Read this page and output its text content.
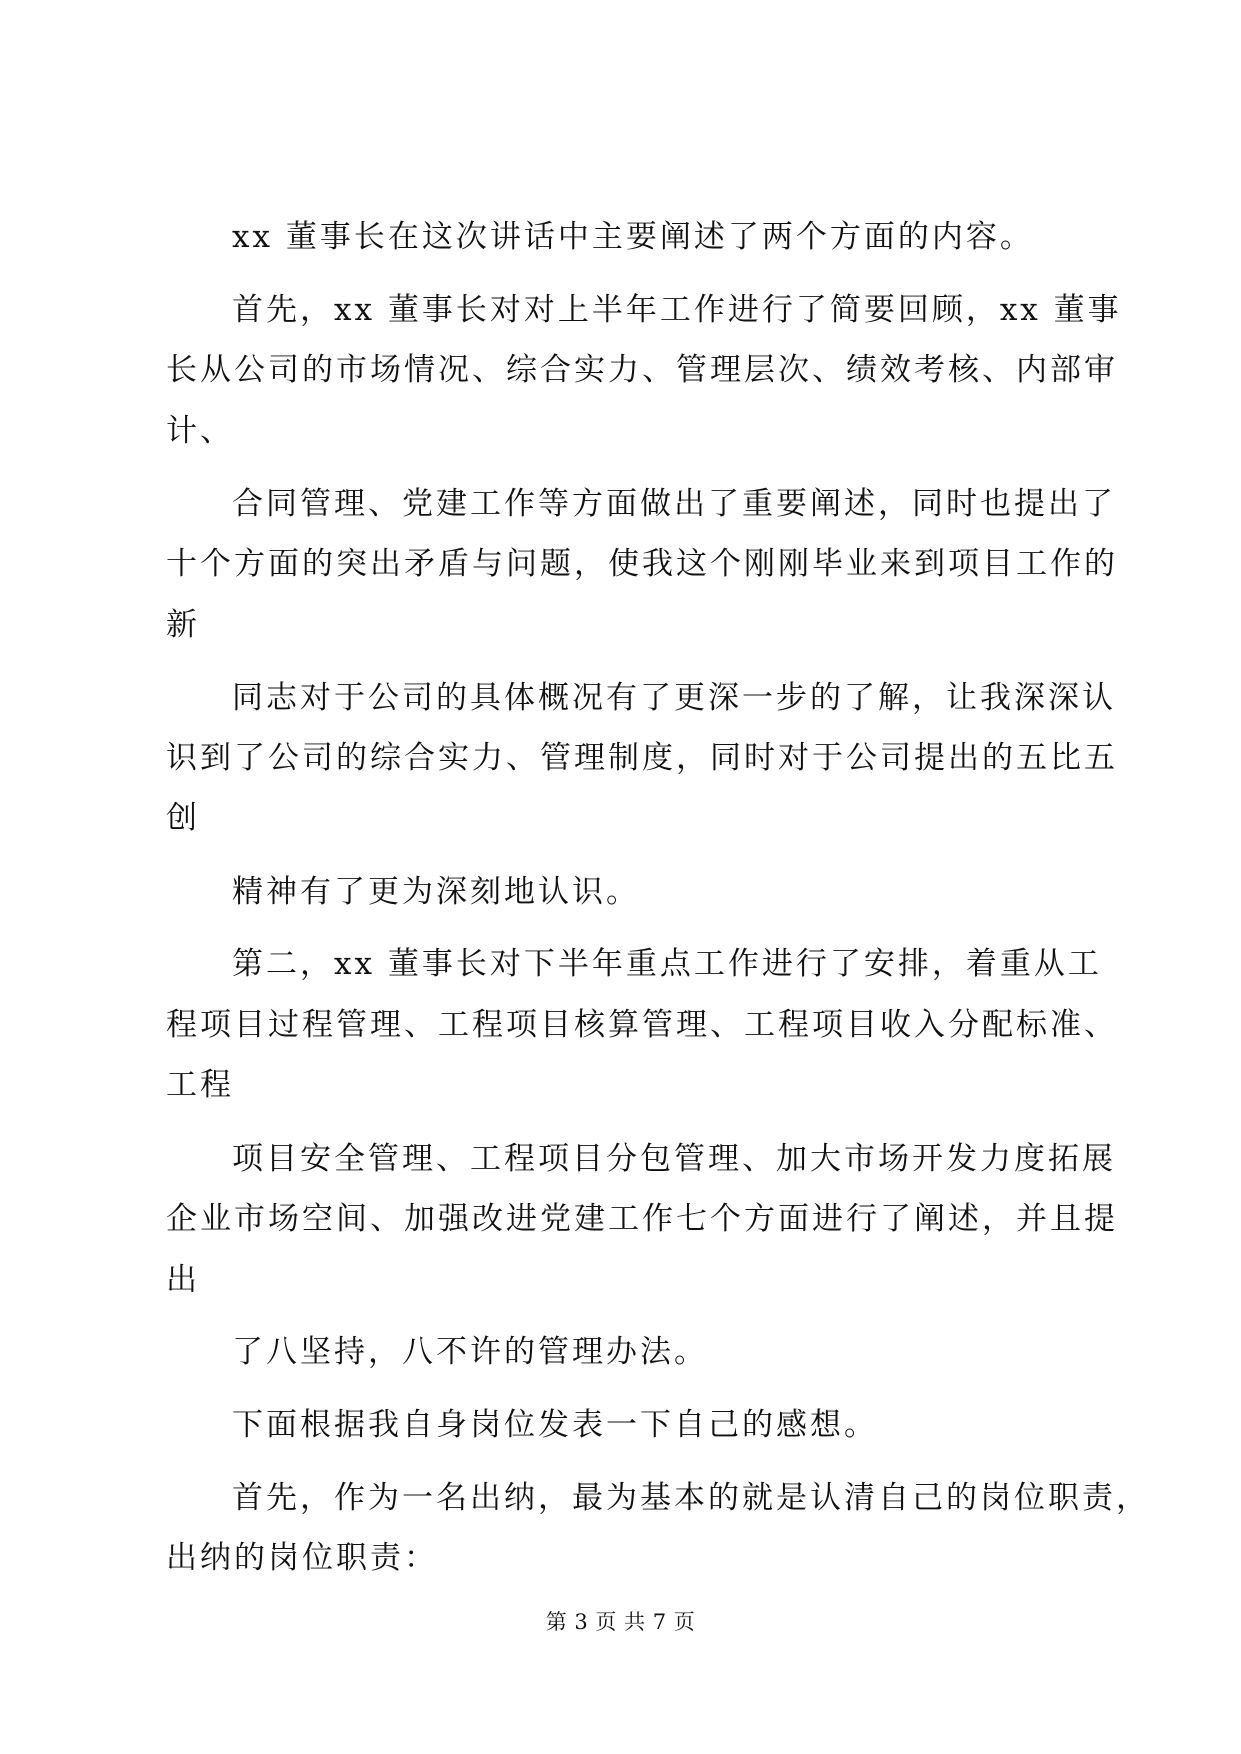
xx 董事长在这次讲话中主要阐述了两个方面的内容。
首先，xx 董事长对对上半年工作进行了简要回顾，xx 董事
长从公司的市场情况、综合实力、管理层次、绩效考核、内部审
计、
合同管理、党建工作等方面做出了重要阐述，同时也提出了
十个方面的突出矛盾与问题，使我这个刚刚毕业来到项目工作的
新
同志对于公司的具体概况有了更深一步的了解，让我深深认
识到了公司的综合实力、管理制度，同时对于公司提出的五比五
创
精神有了更为深刻地认识。
第二，xx 董事长对下半年重点工作进行了安排，着重从工
程项目过程管理、工程项目核算管理、工程项目收入分配标准、
工程
项目安全管理、工程项目分包管理、加大市场开发力度拓展
企业市场空间、加强改进党建工作七个方面进行了阐述，并且提
出
了八坚持，八不许的管理办法。
下面根据我自身岗位发表一下自己的感想。
首先，作为一名出纳，最为基本的就是认清自己的岗位职责，
出纳的岗位职责：
第 3 页 共 7 页
